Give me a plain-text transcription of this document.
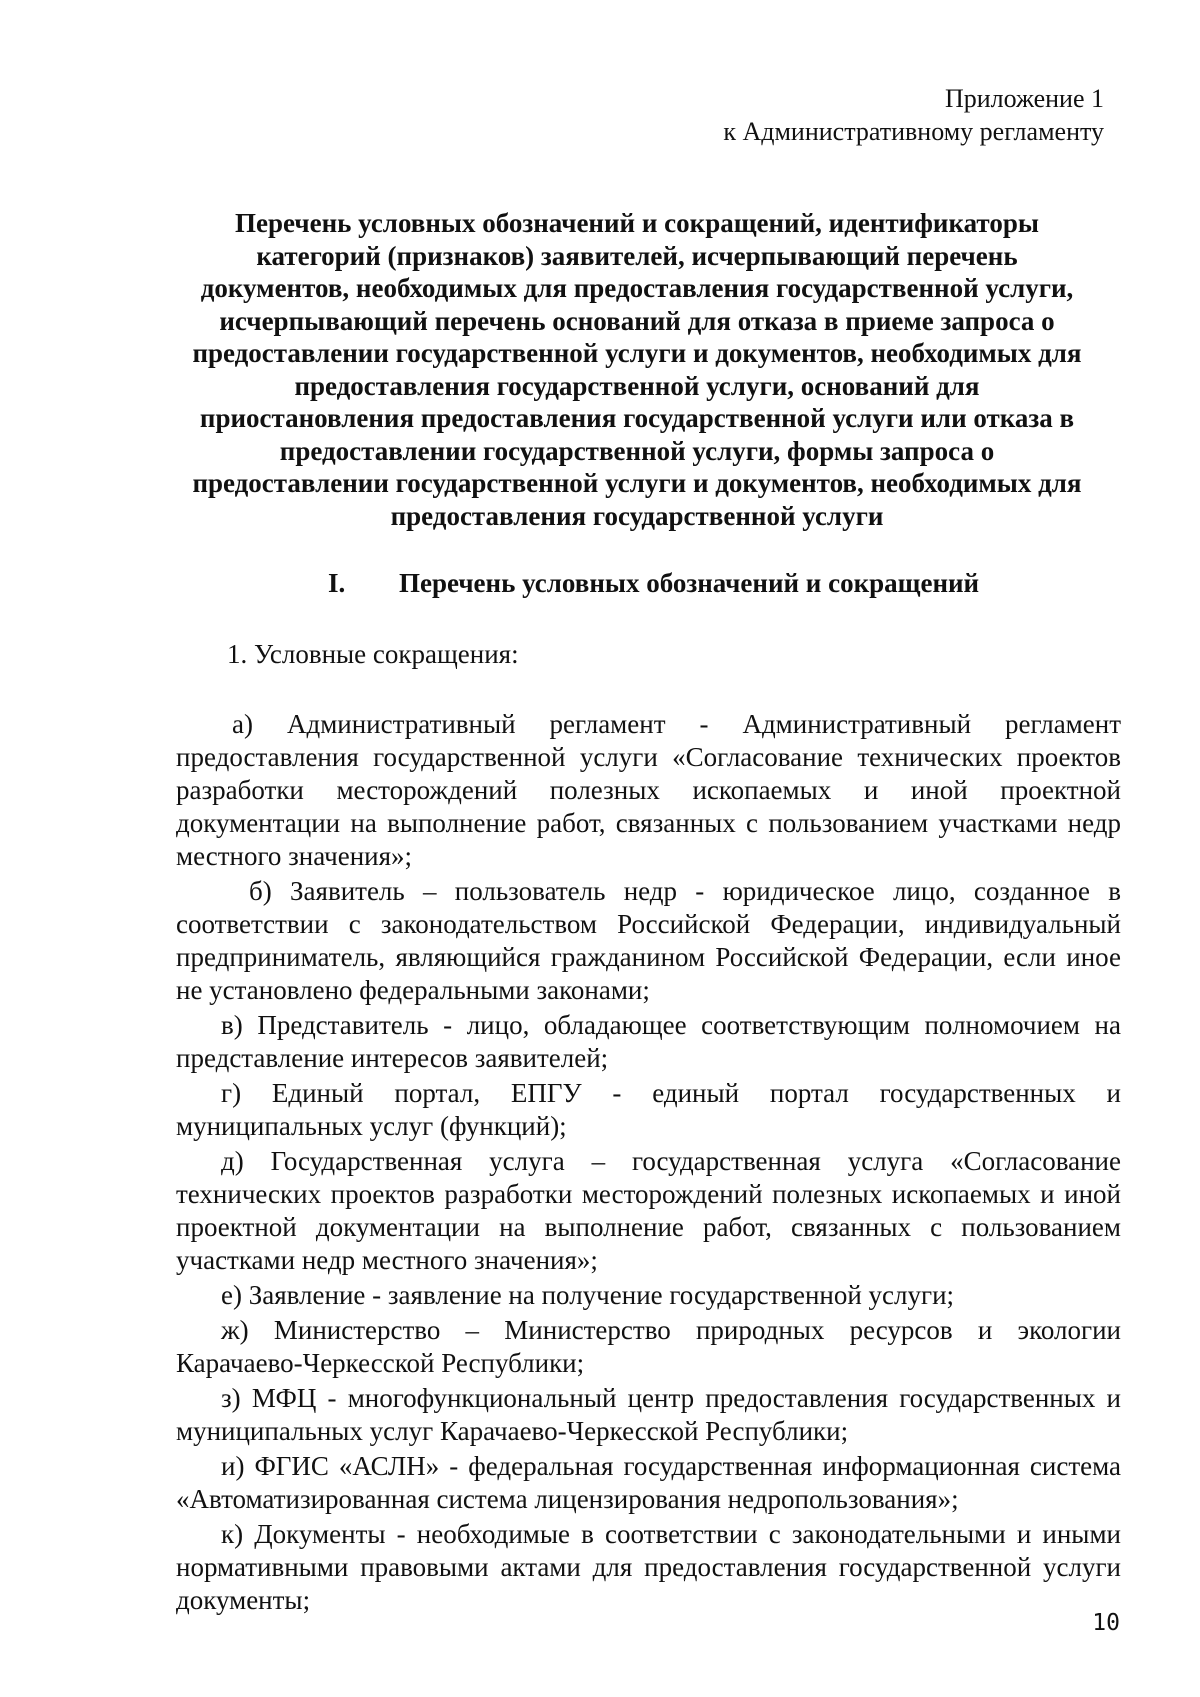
Приложение 1
к Административному регламенту
Перечень условных обозначений и сокращений, идентификаторы
категорий (признаков) заявителей, исчерпывающий перечень
документов, необходимых для предоставления государственной услуги,
исчерпывающий перечень оснований для отказа в приеме запроса о
предоставлении государственной услуги и документов, необходимых для
предоставления государственной услуги, оснований для
приостановления предоставления государственной услуги или отказа в
предоставлении государственной услуги, формы запроса о
предоставлении государственной услуги и документов, необходимых для
предоставления государственной услуги
I. Перечень условных обозначений и сокращений
1. Условные сокращения:

а) Административный регламент - Административный регламент предоставления государственной услуги «Согласование технических проектов разработки месторождений полезных ископаемых и иной проектной документации на выполнение работ, связанных с пользованием участками недр местного значения»;

б) Заявитель – пользователь недр - юридическое лицо, созданное в соответствии с законодательством Российской Федерации, индивидуальный предприниматель, являющийся гражданином Российской Федерации, если иное не установлено федеральными законами;

в) Представитель - лицо, обладающее соответствующим полномочием на представление интересов заявителей;

г) Единый портал, ЕПГУ - единый портал государственных и муниципальных услуг (функций);

д) Государственная услуга – государственная услуга «Согласование технических проектов разработки месторождений полезных ископаемых и иной проектной документации на выполнение работ, связанных с пользованием участками недр местного значения»;

е) Заявление - заявление на получение государственной услуги;

ж) Министерство – Министерство природных ресурсов и экологии Карачаево-Черкесской Республики;

з) МФЦ - многофункциональный центр предоставления государственных и муниципальных услуг Карачаево-Черкесской Республики;

и) ФГИС «АСЛН» - федеральная государственная информационная система «Автоматизированная система лицензирования недропользования»;

к) Документы - необходимые в соответствии с законодательными и иными нормативными правовыми актами для предоставления государственной услуги документы;

10
